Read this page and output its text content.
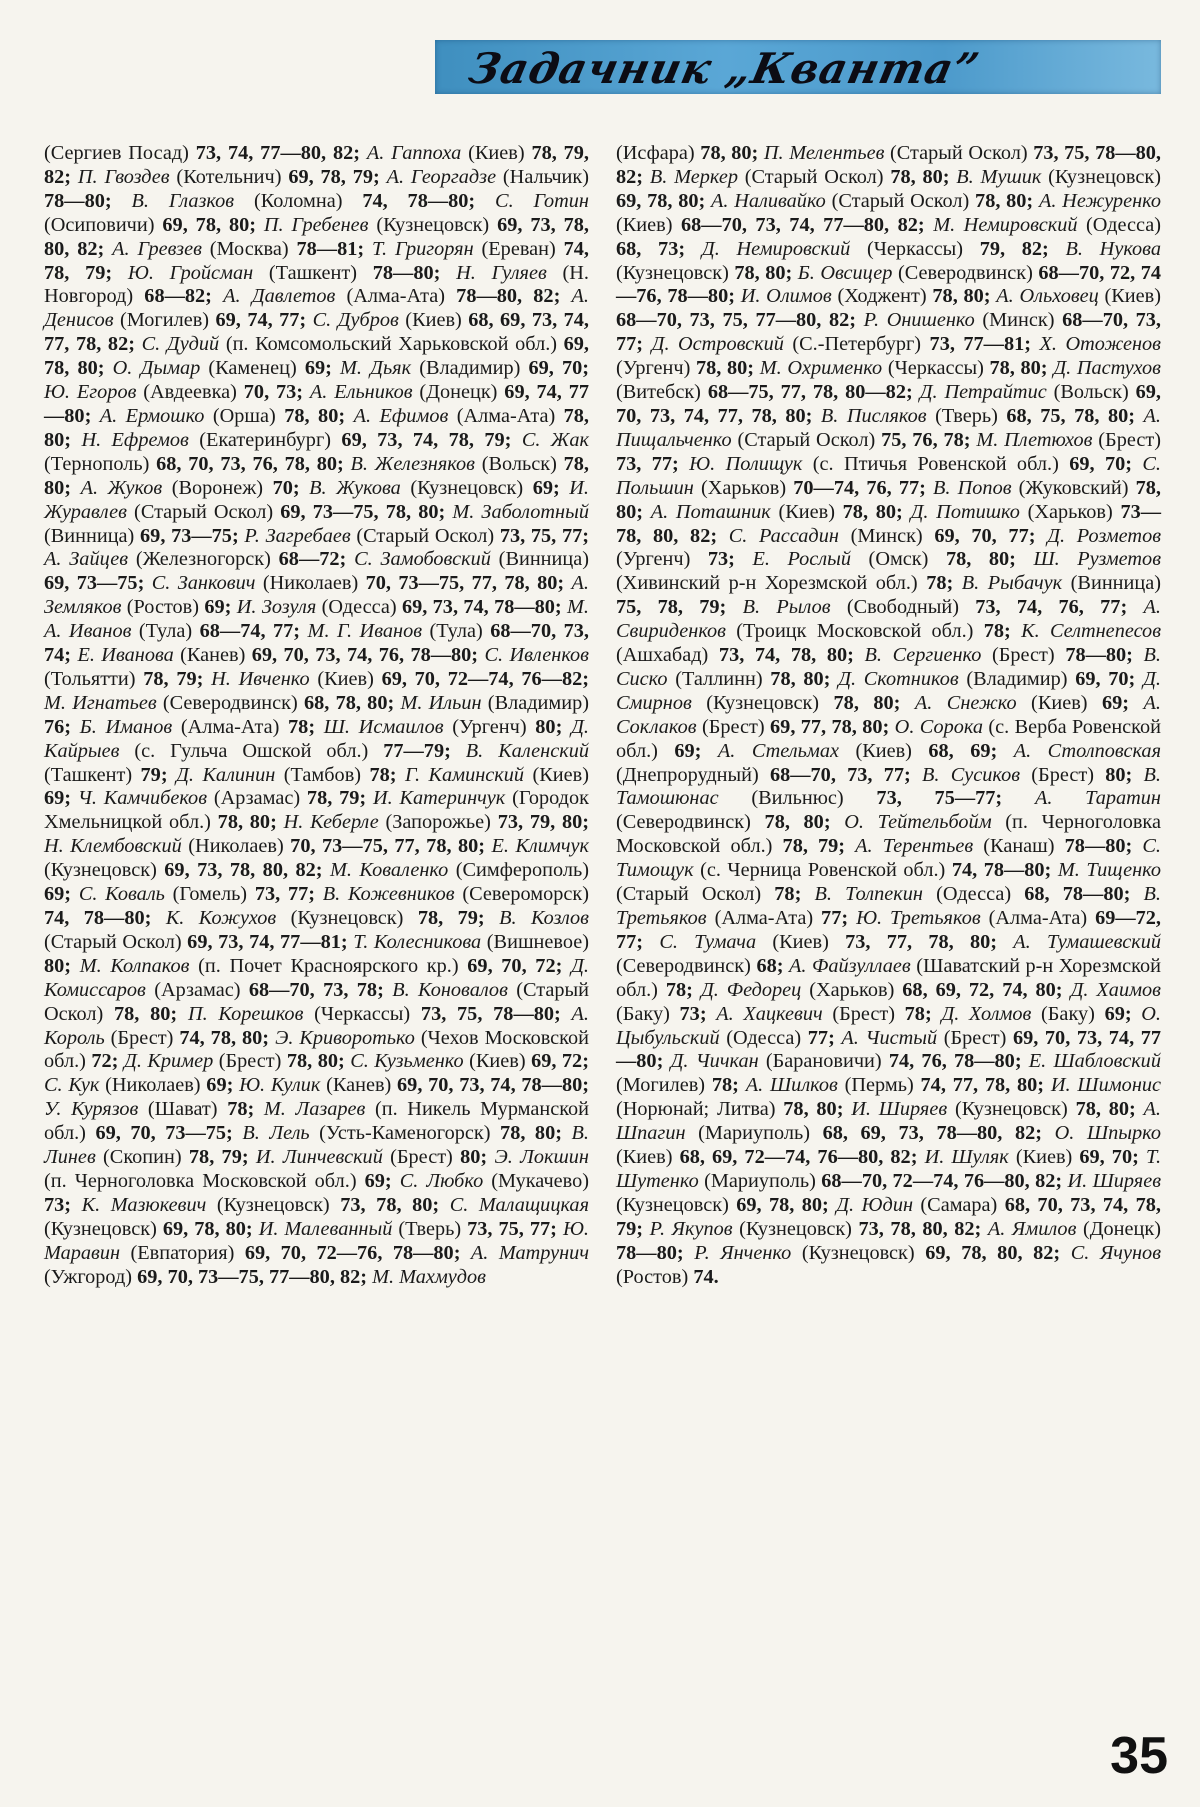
Задачник „Кванта”

(Сергиев Посад) 73, 74, 77—80, 82; А. Гаппоха (Киев) 78, 79, 82; П. Гвоздев (Котельнич) 69, 78, 79; А. Георгадзе (Нальчик) 78—80; В. Глазков (Коломна) 74, 78—80; С. Готин (Осиповичи) 69, 78, 80; П. Гребенев (Кузнецовск) 69, 73, 78, 80, 82; А. Гревзев (Москва) 78—81; Т. Григорян (Ереван) 74, 78, 79; Ю. Гройсман (Ташкент) 78—80; Н. Гуляев (Н. Новгород) 68—82; А. Давлетов (Алма-Ата) 78—80, 82; А. Денисов (Могилев) 69, 74, 77; С. Дубров (Киев) 68, 69, 73, 74, 77, 78, 82; С. Дудий (п. Комсомольский Харьковской обл.) 69, 78, 80; О. Дымар (Каменец) 69; М. Дьяк (Владимир) 69, 70; Ю. Егоров (Авдеевка) 70, 73; А. Ельников (Донецк) 69, 74, 77—80; А. Ермошко (Орша) 78, 80; А. Ефимов (Алма-Ата) 78, 80; Н. Ефремов (Екатеринбург) 69, 73, 74, 78, 79; С. Жак (Тернополь) 68, 70, 73, 76, 78, 80; В. Железняков (Вольск) 78, 80; А. Жуков (Воронеж) 70; В. Жукова (Кузнецовск) 69; И. Журавлев (Старый Оскол) 69, 73—75, 78, 80; М. Заболотный (Винница) 69, 73—75; Р. Загребаев (Старый Оскол) 73, 75, 77; А. Зайцев (Железногорск) 68—72; С. Замобовский (Винница) 69, 73—75; С. Занкович (Николаев) 70, 73—75, 77, 78, 80; А. Земляков (Ростов) 69; И. Зозуля (Одесса) 69, 73, 74, 78—80; М. А. Иванов (Тула) 68—74, 77; М. Г. Иванов (Тула) 68—70, 73, 74; Е. Иванова (Канев) 69, 70, 73, 74, 76, 78—80; С. Ивленков (Тольятти) 78, 79; Н. Ивченко (Киев) 69, 70, 72—74, 76—82; М. Игнатьев (Северодвинск) 68, 78, 80; М. Ильин (Владимир) 76; Б. Иманов (Алма-Ата) 78; Ш. Исмаилов (Ургенч) 80; Д. Кайрыев (с. Гульча Ошской обл.) 77—79; В. Каленский (Ташкент) 79; Д. Калинин (Тамбов) 78; Г. Каминский (Киев) 69; Ч. Камчибеков (Арзамас) 78, 79; И. Катеринчук (Городок Хмельницкой обл.) 78, 80; Н. Кеберле (Запорожье) 73, 79, 80; Н. Клембовский (Николаев) 70, 73—75, 77, 78, 80; Е. Климчук (Кузнецовск) 69, 73, 78, 80, 82; М. Коваленко (Симферополь) 69; С. Коваль (Гомель) 73, 77; В. Кожевников (Североморск) 74, 78—80; К. Кожухов (Кузнецовск) 78, 79; В. Козлов (Старый Оскол) 69, 73, 74, 77—81; Т. Колесникова (Вишневое) 80; М. Колпаков (п. Почет Красноярского кр.) 69, 70, 72; Д. Комиссаров (Арзамас) 68—70, 73, 78; В. Коновалов (Старый Оскол) 78, 80; П. Корешков (Черкассы) 73, 75, 78—80; А. Король (Брест) 74, 78, 80; Э. Криворотько (Чехов Московской обл.) 72; Д. Кример (Брест) 78, 80; С. Кузьменко (Киев) 69, 72; С. Кук (Николаев) 69; Ю. Кулик (Канев) 69, 70, 73, 74, 78—80; У. Курязов (Шават) 78; М. Лазарев (п. Никель Мурманской обл.) 69, 70, 73—75; В. Лель (Усть-Каменогорск) 78, 80; В. Линев (Скопин) 78, 79; И. Линчевский (Брест) 80; Э. Локшин (п. Черноголовка Московской обл.) 69; С. Любко (Мукачево) 73; К. Мазюкевич (Кузнецовск) 73, 78, 80; С. Малащицкая (Кузнецовск) 69, 78, 80; И. Малеванный (Тверь) 73, 75, 77; Ю. Маравин (Евпатория) 69, 70, 72—76, 78—80; А. Матрунич (Ужгород) 69, 70, 73—75, 77—80, 82; М. Махмудов

(Исфара) 78, 80; П. Мелентьев (Старый Оскол) 73, 75, 78—80, 82; В. Меркер (Старый Оскол) 78, 80; В. Мушик (Кузнецовск) 69, 78, 80; А. Наливайко (Старый Оскол) 78, 80; А. Нежуренко (Киев) 68—70, 73, 74, 77—80, 82; М. Немировский (Одесса) 68, 73; Д. Немировский (Черкассы) 79, 82; В. Нукова (Кузнецовск) 78, 80; Б. Овсицер (Северодвинск) 68—70, 72, 74—76, 78—80; И. Олимов (Ходжент) 78, 80; А. Ольховец (Киев) 68—70, 73, 75, 77—80, 82; Р. Онишенко (Минск) 68—70, 73, 77; Д. Островский (С.-Петербург) 73, 77—81; Х. Отоженов (Ургенч) 78, 80; М. Охрименко (Черкассы) 78, 80; Д. Пастухов (Витебск) 68—75, 77, 78, 80—82; Д. Петрайтис (Вольск) 69, 70, 73, 74, 77, 78, 80; В. Писляков (Тверь) 68, 75, 78, 80; А. Пищальченко (Старый Оскол) 75, 76, 78; М. Плетюхов (Брест) 73, 77; Ю. Полищук (с. Птичья Ровенской обл.) 69, 70; С. Польшин (Харьков) 70—74, 76, 77; В. Попов (Жуковский) 78, 80; А. Поташник (Киев) 78, 80; Д. Потишко (Харьков) 73—78, 80, 82; С. Рассадин (Минск) 69, 70, 77; Д. Розметов (Ургенч) 73; Е. Рослый (Омск) 78, 80; Ш. Рузметов (Хивинский р-н Хорезмской обл.) 78; В. Рыбачук (Винница) 75, 78, 79; В. Рылов (Свободный) 73, 74, 76, 77; А. Свириденков (Троицк Московской обл.) 78; К. Селтнепесов (Ашхабад) 73, 74, 78, 80; В. Сергиенко (Брест) 78—80; В. Сиско (Таллинн) 78, 80; Д. Скотников (Владимир) 69, 70; Д. Смирнов (Кузнецовск) 78, 80; А. Снежко (Киев) 69; А. Соклаков (Брест) 69, 77, 78, 80; О. Сорока (с. Верба Ровенской обл.) 69; А. Стельмах (Киев) 68, 69; А. Столповская (Днепрорудный) 68—70, 73, 77; В. Сусиков (Брест) 80; В. Тамошюнас (Вильнюс) 73, 75—77; А. Таратин (Северодвинск) 78, 80; О. Тейтельбойм (п. Черноголовка Московской обл.) 78, 79; А. Терентьев (Канаш) 78—80; С. Тимощук (с. Черница Ровенской обл.) 74, 78—80; М. Тищенко (Старый Оскол) 78; В. Толпекин (Одесса) 68, 78—80; В. Третьяков (Алма-Ата) 77; Ю. Третьяков (Алма-Ата) 69—72, 77; С. Тумача (Киев) 73, 77, 78, 80; А. Тумашевский (Северодвинск) 68; А. Файзуллаев (Шаватский р-н Хорезмской обл.) 78; Д. Федорец (Харьков) 68, 69, 72, 74, 80; Д. Хаимов (Баку) 73; А. Хацкевич (Брест) 78; Д. Холмов (Баку) 69; О. Цыбульский (Одесса) 77; А. Чистый (Брест) 69, 70, 73, 74, 77—80; Д. Чичкан (Барановичи) 74, 76, 78—80; Е. Шабловский (Могилев) 78; А. Шилков (Пермь) 74, 77, 78, 80; И. Шимонис (Норюнай; Литва) 78, 80; И. Ширяев (Кузнецовск) 78, 80; А. Шпагин (Мариуполь) 68, 69, 73, 78—80, 82; О. Шпырко (Киев) 68, 69, 72—74, 76—80, 82; И. Шуляк (Киев) 69, 70; Т. Шутенко (Мариуполь) 68—70, 72—74, 76—80, 82; И. Ширяев (Кузнецовск) 69, 78, 80; Д. Юдин (Самара) 68, 70, 73, 74, 78, 79; Р. Якупов (Кузнецовск) 73, 78, 80, 82; А. Ямилов (Донецк) 78—80; Р. Янченко (Кузнецовск) 69, 78, 80, 82; С. Ячунов (Ростов) 74.

35
